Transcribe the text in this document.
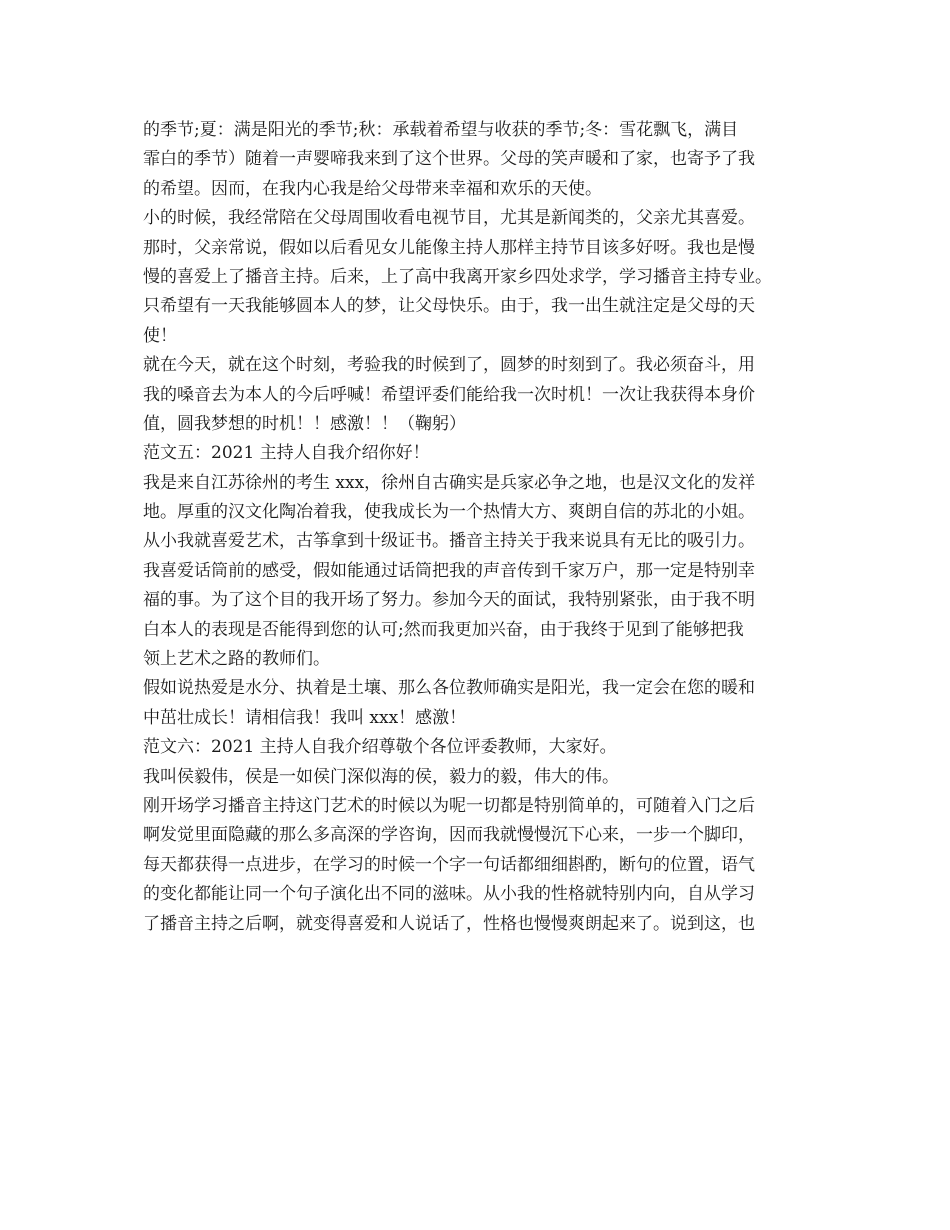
的季节;夏：满是阳光的季节;秋：承载着希望与收获的季节;冬：雪花飘飞，满目
霏白的季节）随着一声婴啼我来到了这个世界。父母的笑声暖和了家，也寄予了我
的希望。因而，在我内心我是给父母带来幸福和欢乐的天使。
小的时候，我经常陪在父母周围收看电视节目，尤其是新闻类的，父亲尤其喜爱。
那时，父亲常说，假如以后看见女儿能像主持人那样主持节目该多好呀。我也是慢
慢的喜爱上了播音主持。后来，上了高中我离开家乡四处求学，学习播音主持专业。
只希望有一天我能够圆本人的梦，让父母快乐。由于，我一出生就注定是父母的天
使！
就在今天，就在这个时刻，考验我的时候到了，圆梦的时刻到了。我必须奋斗，用
我的嗓音去为本人的今后呼喊！希望评委们能给我一次时机！一次让我获得本身价
值，圆我梦想的时机！！感激！！（鞠躬）
范文五：2021 主持人自我介绍你好！
我是来自江苏徐州的考生 xxx，徐州自古确实是兵家必争之地，也是汉文化的发祥
地。厚重的汉文化陶冶着我，使我成长为一个热情大方、爽朗自信的苏北的小姐。
从小我就喜爱艺术，古筝拿到十级证书。播音主持关于我来说具有无比的吸引力。
我喜爱话筒前的感受，假如能通过话筒把我的声音传到千家万户，那一定是特别幸
福的事。为了这个目的我开场了努力。参加今天的面试，我特别紧张，由于我不明
白本人的表现是否能得到您的认可;然而我更加兴奋，由于我终于见到了能够把我
领上艺术之路的教师们。
假如说热爱是水分、执着是土壤、那么各位教师确实是阳光，我一定会在您的暖和
中茁壮成长！请相信我！我叫 xxx！感激！
范文六：2021 主持人自我介绍尊敬个各位评委教师，大家好。
我叫侯毅伟，侯是一如侯门深似海的侯，毅力的毅，伟大的伟。
刚开场学习播音主持这门艺术的时候以为呢一切都是特别简单的，可随着入门之后
啊发觉里面隐藏的那么多高深的学咨询，因而我就慢慢沉下心来，一步一个脚印，
每天都获得一点进步，在学习的时候一个字一句话都细细斟酌，断句的位置，语气
的变化都能让同一个句子演化出不同的滋味。从小我的性格就特别内向，自从学习
了播音主持之后啊，就变得喜爱和人说话了，性格也慢慢爽朗起来了。说到这，也
